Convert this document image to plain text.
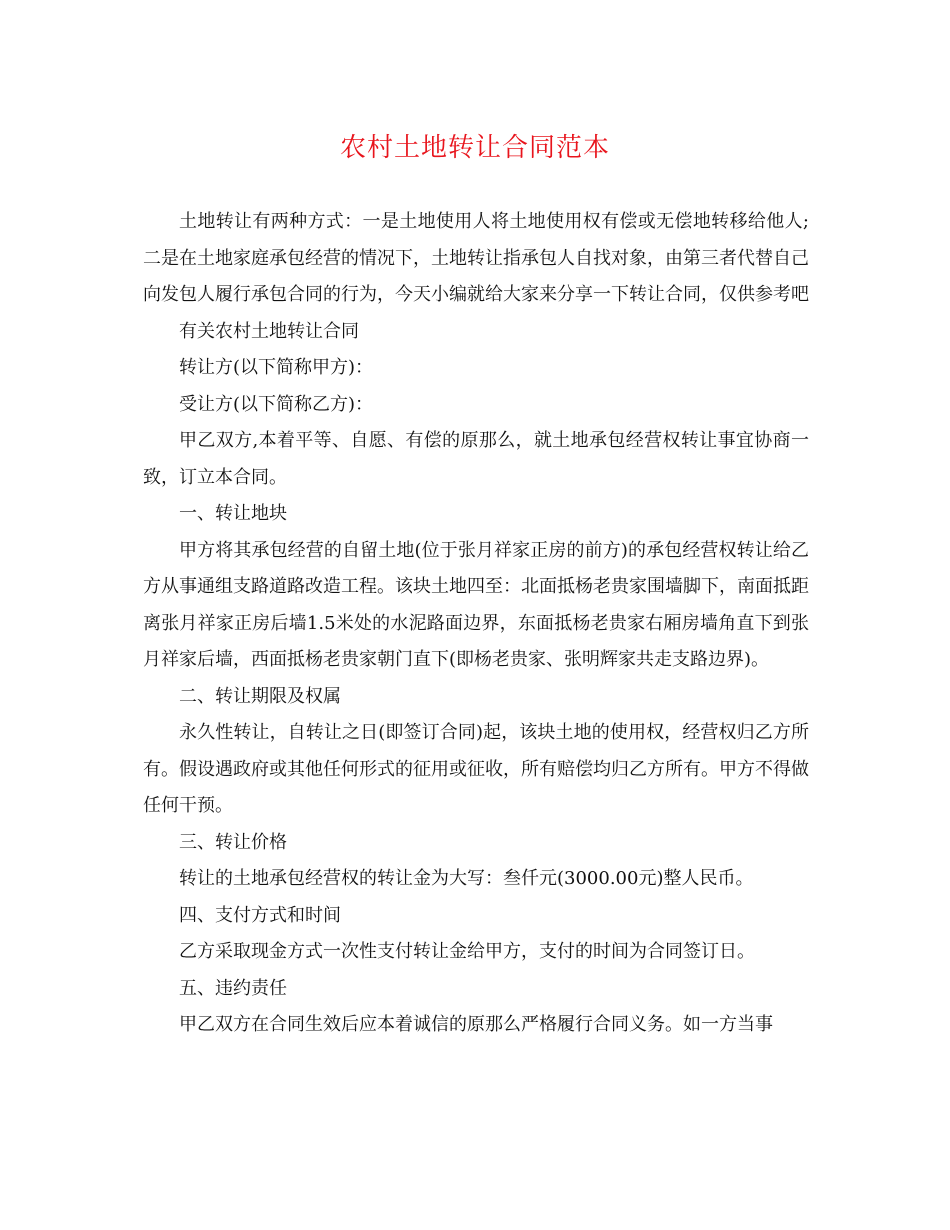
农村土地转让合同范本

土地转让有两种方式：一是土地使用人将土地使用权有偿或无偿地转移给他人;二是在土地家庭承包经营的情况下，土地转让指承包人自找对象，由第三者代替自己向发包人履行承包合同的行为，今天小编就给大家来分享一下转让合同，仅供参考吧

有关农村土地转让合同

转让方(以下简称甲方)：

受让方(以下简称乙方)：

甲乙双方,本着平等、自愿、有偿的原那么，就土地承包经营权转让事宜协商一致，订立本合同。

一、转让地块

甲方将其承包经营的自留土地(位于张月祥家正房的前方)的承包经营权转让给乙方从事通组支路道路改造工程。该块土地四至：北面抵杨老贵家围墙脚下，南面抵距离张月祥家正房后墙1.5米处的水泥路面边界，东面抵杨老贵家右厢房墙角直下到张月祥家后墙，西面抵杨老贵家朝门直下(即杨老贵家、张明辉家共走支路边界)。

二、转让期限及权属

永久性转让，自转让之日(即签订合同)起，该块土地的使用权，经营权归乙方所有。假设遇政府或其他任何形式的征用或征收，所有赔偿均归乙方所有。甲方不得做任何干预。

三、转让价格

转让的土地承包经营权的转让金为大写：叁仟元(3000.00元)整人民币。

四、支付方式和时间

乙方采取现金方式一次性支付转让金给甲方，支付的时间为合同签订日。

五、违约责任

甲乙双方在合同生效后应本着诚信的原那么严格履行合同义务。如一方当事
